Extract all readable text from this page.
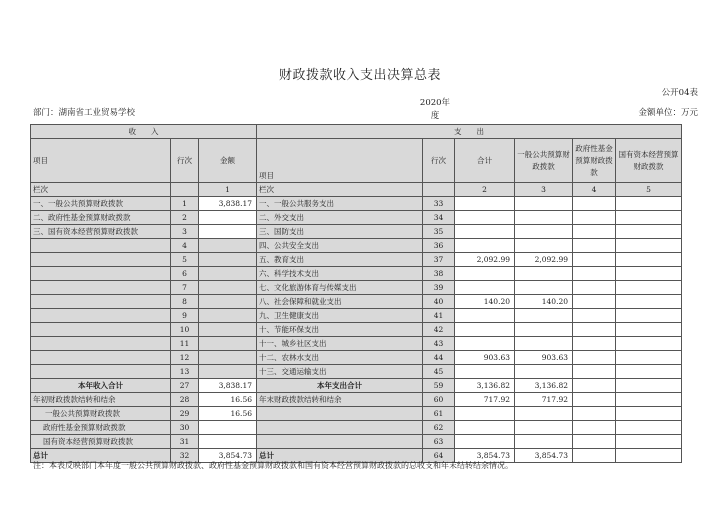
财政拨款收入支出决算总表
公开04表
部门：湖南省工业贸易学校
2020年
度	金额单位：万元
收　　入			支　　出					
项目	行次	金额	项目	行次	合计	一般公共预算财政拨款	政府性基金预算财政拨款	国有资本经营预算财政拨款
栏次		1	栏次		2	3	4	5
一、一般公共预算财政拨款	1	3,838.17	一、一般公共服务支出	33				
二、政府性基金预算财政拨款	2		二、外交支出	34				
三、国有资本经营预算财政拨款	3		三、国防支出	35				
	4		四、公共安全支出	36				
	5		五、教育支出	37	2,092.99	2,092.99		
	6		六、科学技术支出	38				
	7		七、文化旅游体育与传媒支出	39				
	8		八、社会保障和就业支出	40	140.20	140.20		
	9		九、卫生健康支出	41				
	10		十、节能环保支出	42				
	11		十一、城乡社区支出	43				
	12		十二、农林水支出	44	903.63	903.63		
	13		十三、交通运输支出	45				
本年收入合计	27	3,838.17	本年支出合计	59	3,136.82	3,136.82		
年初财政拨款结转和结余	28	16.56	年末财政拨款结转和结余	60	717.92	717.92		
一般公共预算财政拨款	29	16.56		61				
政府性基金预算财政拨款	30			62				
国有资本经营预算财政拨款	31			63				
总计	32	3,854.73	总计	64	3,854.73	3,854.73		
注：本表反映部门本年度一般公共预算财政拨款、政府性基金预算财政拨款和国有资本经营预算财政拨款的总收支和年末结转结余情况。
